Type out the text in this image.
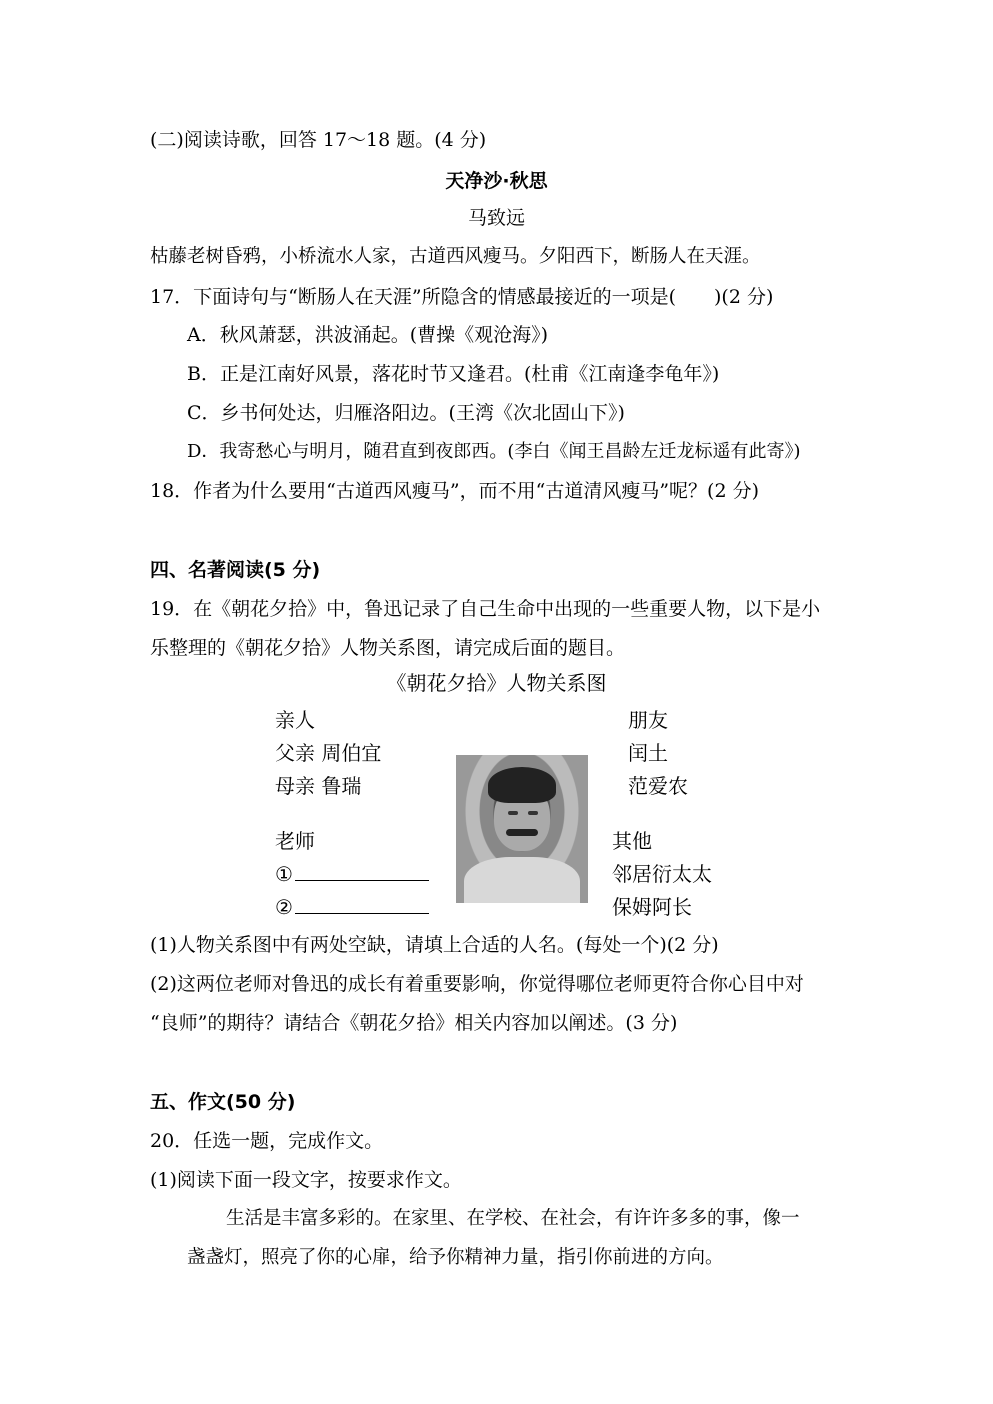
(二)阅读诗歌，回答 17～18 题。(4 分)
天净沙·秋思
马致远
枯藤老树昏鸦，小桥流水人家，古道西风瘦马。夕阳西下，断肠人在天涯。
17．下面诗句与“断肠人在天涯”所隐含的情感最接近的一项是(　　)(2 分)
A．秋风萧瑟，洪波涌起。(曹操《观沧海》)
B．正是江南好风景，落花时节又逢君。(杜甫《江南逢李龟年》)
C．乡书何处达，归雁洛阳边。(王湾《次北固山下》)
D．我寄愁心与明月，随君直到夜郎西。(李白《闻王昌龄左迁龙标遥有此寄》)
18．作者为什么要用“古道西风瘦马”，而不用“古道清风瘦马”呢？(2 分)
四、名著阅读(5 分)
19．在《朝花夕拾》中，鲁迅记录了自己生命中出现的一些重要人物，以下是小
乐整理的《朝花夕拾》人物关系图，请完成后面的题目。
《朝花夕拾》人物关系图
亲人
父亲 周伯宜
母亲 鲁瑞
朋友
闰土
范爱农
老师
①
②
其他
邻居衍太太
保姆阿长
(1)人物关系图中有两处空缺，请填上合适的人名。(每处一个)(2 分)
(2)这两位老师对鲁迅的成长有着重要影响，你觉得哪位老师更符合你心目中对
“良师”的期待？请结合《朝花夕拾》相关内容加以阐述。(3 分)
五、作文(50 分)
20．任选一题，完成作文。
(1)阅读下面一段文字，按要求作文。
生活是丰富多彩的。在家里、在学校、在社会，有许许多多的事，像一
盏盏灯，照亮了你的心扉，给予你精神力量，指引你前进的方向。
